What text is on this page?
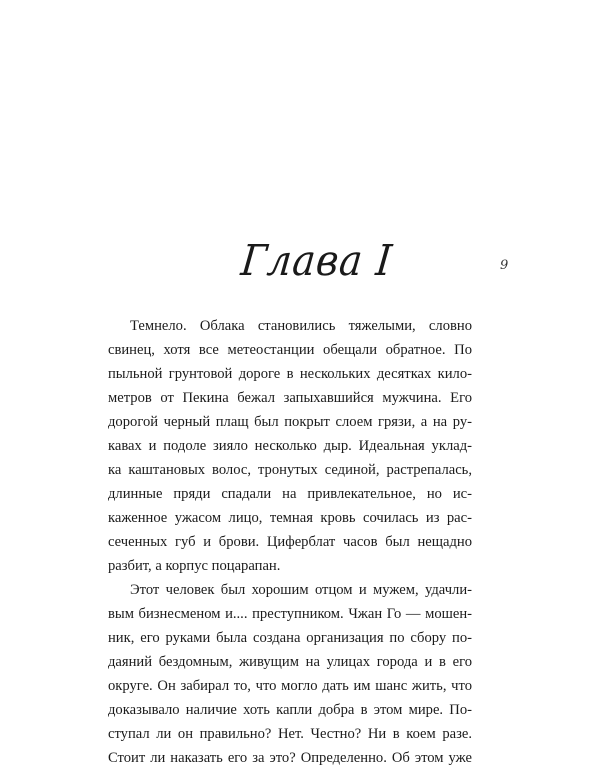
Глава I	9
Темнело. Облака становились тяжелыми, словно
свинец, хотя все метеостанции обещали обратное. По
пыльной грунтовой дороге в нескольких десятках кило-
метров от Пекина бежал запыхавшийся мужчина. Его
дорогой черный плащ был покрыт слоем грязи, а на ру-
кавах и подоле зияло несколько дыр. Идеальная уклад-
ка каштановых волос, тронутых сединой, растрепалась,
длинные пряди спадали на привлекательное, но ис-
каженное ужасом лицо, темная кровь сочилась из рас-
сеченных губ и брови. Циферблат часов был нещадно
разбит, а корпус поцарапан.
Этот человек был хорошим отцом и мужем, удачли-
вым бизнесменом и.... преступником. Чжан Го — мошен-
ник, его руками была создана организация по сбору по-
даяний бездомным, живущим на улицах города и в его
округе. Он забирал то, что могло дать им шанс жить, что
доказывало наличие хоть капли добра в этом мире. По-
ступал ли он правильно? Нет. Честно? Ни в коем разе.
Стоит ли наказать его за это? Определенно. Об этом уже
